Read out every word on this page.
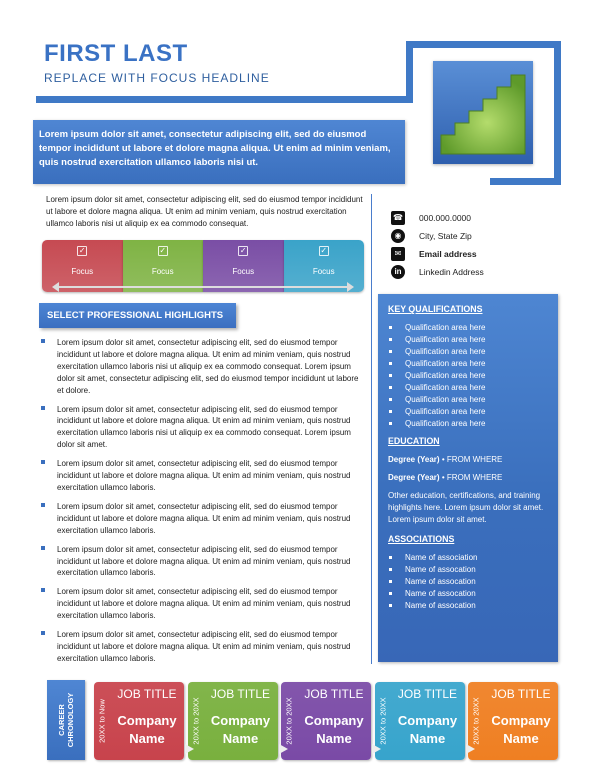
FIRST LAST
REPLACE WITH FOCUS HEADLINE
Lorem ipsum dolor sit amet, consectetur adipiscing elit, sed do eiusmod tempor incididunt ut labore et dolore magna aliqua. Ut enim ad minim veniam, quis nostrud exercitation ullamco laboris nisi ut.
Lorem ipsum dolor sit amet, consectetur adipiscing elit, sed do eiusmod tempor incididunt ut labore et dolore magna aliqua. Ut enim ad minim veniam, quis nostrud exercitation ullamco laboris nisi ut aliquip ex ea commodo consequat.
✓
Focus
✓
Focus
✓
Focus
✓
Focus
SELECT PROFESSIONAL HIGHLIGHTS
Lorem ipsum dolor sit amet, consectetur adipiscing elit, sed do eiusmod tempor incididunt ut labore et dolore magna aliqua. Ut enim ad minim veniam, quis nostrud exercitation ullamco laboris nisi ut aliquip ex ea commodo consequat. Lorem ipsum dolor sit amet, consectetur adipiscing elit, sed do eiusmod tempor incididunt ut labore et dolore.
Lorem ipsum dolor sit amet, consectetur adipiscing elit, sed do eiusmod tempor incididunt ut labore et dolore magna aliqua. Ut enim ad minim veniam, quis nostrud exercitation ullamco laboris nisi ut aliquip ex ea commodo consequat. Lorem ipsum dolor sit amet.
Lorem ipsum dolor sit amet, consectetur adipiscing elit, sed do eiusmod tempor incididunt ut labore et dolore magna aliqua. Ut enim ad minim veniam, quis nostrud exercitation ullamco laboris.
Lorem ipsum dolor sit amet, consectetur adipiscing elit, sed do eiusmod tempor incididunt ut labore et dolore magna aliqua. Ut enim ad minim veniam, quis nostrud exercitation ullamco laboris.
Lorem ipsum dolor sit amet, consectetur adipiscing elit, sed do eiusmod tempor incididunt ut labore et dolore magna aliqua. Ut enim ad minim veniam, quis nostrud exercitation ullamco laboris.
Lorem ipsum dolor sit amet, consectetur adipiscing elit, sed do eiusmod tempor incididunt ut labore et dolore magna aliqua. Ut enim ad minim veniam, quis nostrud exercitation ullamco laboris.
Lorem ipsum dolor sit amet, consectetur adipiscing elit, sed do eiusmod tempor incididunt ut labore et dolore magna aliqua. Ut enim ad minim veniam, quis nostrud exercitation ullamco laboris.
☎ 000.000.0000
◉	City, State Zip
✉	Email address
in	Linkedin Address
KEY QUALIFICATIONS
Qualification area here
Qualification area here
Qualification area here
Qualification area here
Qualification area here
Qualification area here
Qualification area here
Qualification area here
Qualification area here
EDUCATION
Degree (Year) • FROM WHERE
Degree (Year) • FROM WHERE

Other education, certifications, and training highlights here. Lorem ipsum dolor sit amet. Lorem ipsum dolor sit amet.

ASSOCIATIONS
Name of association
Name of assocation
Name of assocation
Name of assocation
Name of assocation
CAREER CHRONOLOGY	20XX to Now
JOB TITLE
Company
Name	20XX to 20XX
JOB TITLE
Company
Name	20XX to 20XX
JOB TITLE
Company
Name	20XX to 20XX
JOB TITLE
Company
Name	20XX to 20XX
JOB TITLE
Company
Name
